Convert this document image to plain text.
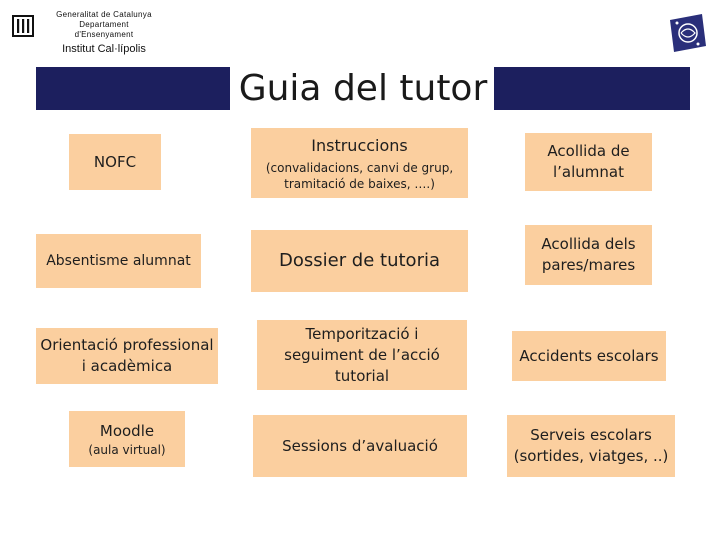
Generalitat de Catalunya
Departament
d'Ensenyament
Institut Cal·lípolis
Guia del tutor
NOFC
Instruccions
(convalidacions, canvi de grup, tramitació de baixes, ….)
Acollida de l’alumnat
Absentisme alumnat	Dossier de tutoria
Acollida dels pares/mares
Orientació professional i acadèmica
Temporització i seguiment de l’acció tutorial
Accidents escolars
Moodle
(aula virtual)	Sessions d’avaluació
Serveis escolars (sortides, viatges, ..)
